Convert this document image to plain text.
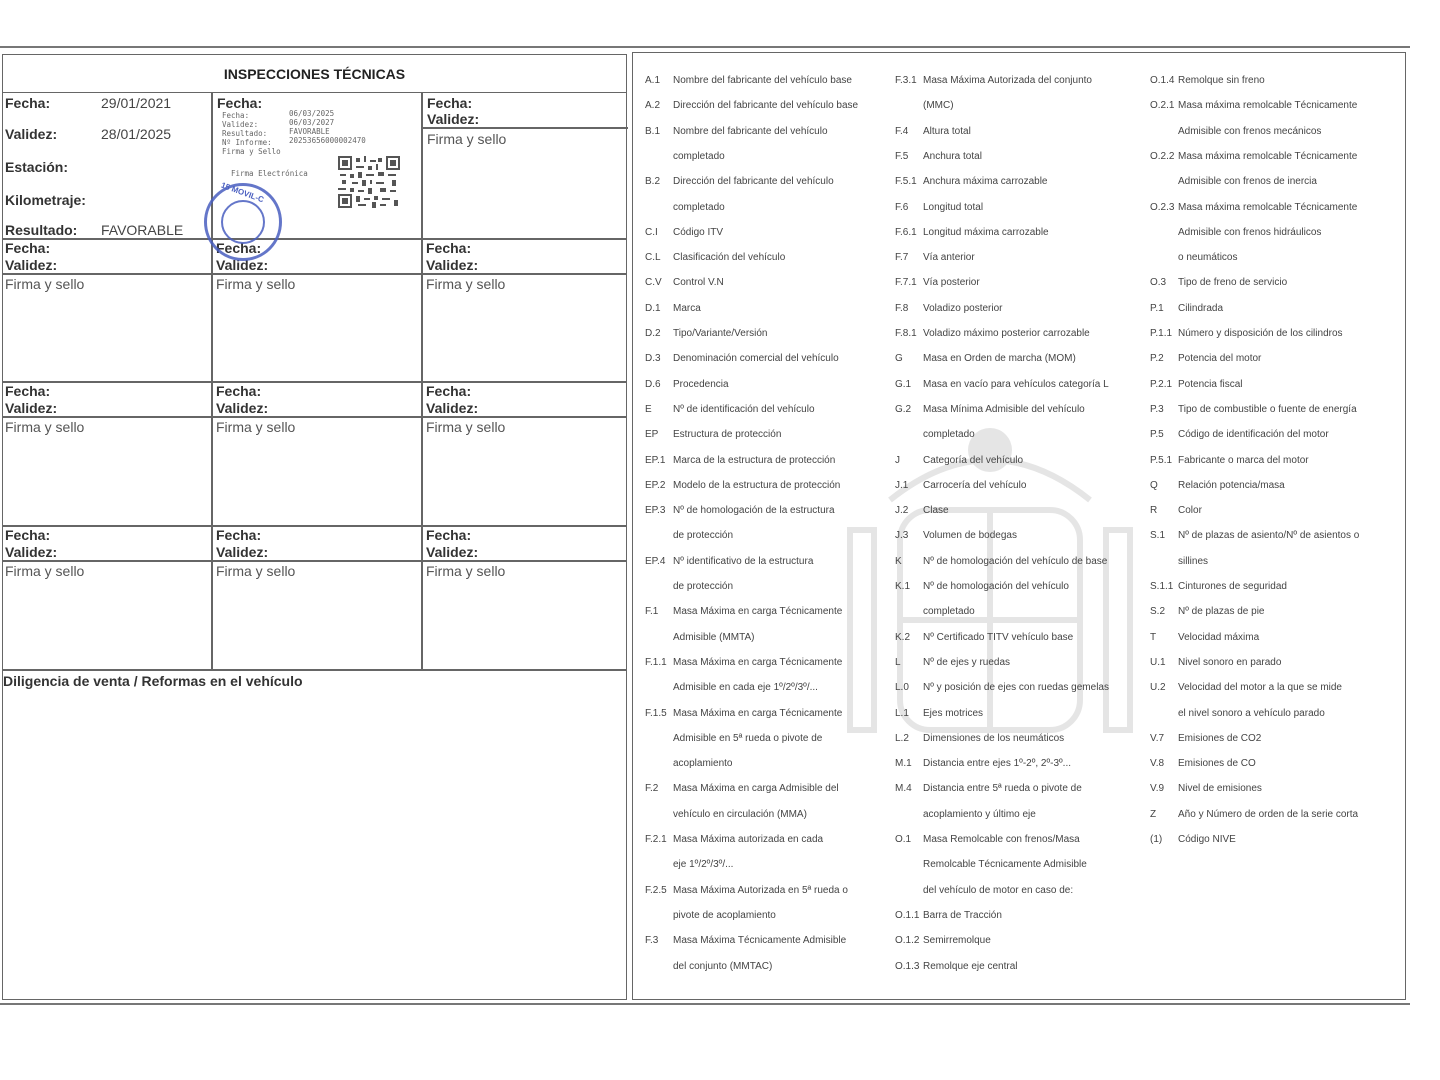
INSPECCIONES TÉCNICAS
Fecha:	29/01/2021
Validez:	28/01/2025
Estación:
Kilometraje:
Resultado: FAVORABLE
Fecha:
Fecha:
Validez:
Resultado:
Nº Informe:
Firma y Sello
06/03/2025
06/03/2027
FAVORABLE
20253656000002470
Firma Electrónica
Fecha:
Validez:
Firma y sello
Fecha:
Validez:
Firma y sello
Fecha:
Validez:
Firma y sello
Fecha:
Validez:
Firma y sello
Fecha:
Validez:
Firma y sello
Fecha:
Validez:
Firma y sello
Fecha:
Validez:
Firma y sello
Fecha:
Validez:
Firma y sello
Fecha:
Validez:
Firma y sello
Fecha:
Validez:
Firma y sello
Diligencia de venta / Reformas en el vehículo
15 MOVIL-C
A.1 Nombre del fabricante del vehículo base
A.2 Dirección del fabricante del vehículo base
B.1 Nombre del fabricante del vehículo
completado
B.2 Dirección del fabricante del vehículo
completado
C.I Código ITV
C.L Clasificación del vehículo
C.V Control V.N
D.1 Marca
D.2 Tipo/Variante/Versión
D.3 Denominación comercial del vehículo
D.6 Procedencia
E Nº de identificación del vehículo
EP Estructura de protección
EP.1 Marca de la estructura de protección
EP.2 Modelo de la estructura de protección
EP.3 Nº de homologación de la estructura
de protección
EP.4 Nº identificativo de la estructura
de protección
F.1 Masa Máxima en carga Técnicamente
Admisible (MMTA)
F.1.1 Masa Máxima en carga Técnicamente
Admisible en cada eje 1º/2º/3º/...
F.1.5 Masa Máxima en carga Técnicamente
Admisible en 5ª rueda o pivote de
acoplamiento
F.2 Masa Máxima en carga Admisible del
vehículo en circulación (MMA)
F.2.1 Masa Máxima autorizada en cada
eje 1º/2º/3º/...
F.2.5 Masa Máxima Autorizada en 5ª rueda o
pivote de acoplamiento
F.3 Masa Máxima Técnicamente Admisible
del conjunto (MMTAC)
F.3.1 Masa Máxima Autorizada del conjunto
(MMC)
F.4 Altura total
F.5 Anchura total
F.5.1 Anchura máxima carrozable
F.6 Longitud total
F.6.1 Longitud máxima carrozable
F.7 Vía anterior
F.7.1 Vía posterior
F.8 Voladizo posterior
F.8.1 Voladizo máximo posterior carrozable
G Masa en Orden de marcha (MOM)
G.1 Masa en vacío para vehículos categoría L
G.2 Masa Mínima Admisible del vehículo
completado
J Categoría del vehículo
J.1 Carrocería del vehículo
J.2 Clase
J.3 Volumen de bodegas
K Nº de homologación del vehículo de base
K.1 Nº de homologación del vehículo
completado
K.2 Nº Certificado TITV vehículo base
L Nº de ejes y ruedas
L.0 Nº y posición de ejes con ruedas gemelas
L.1 Ejes motrices
L.2 Dimensiones de los neumáticos
M.1 Distancia entre ejes 1º-2º, 2º-3º...
M.4 Distancia entre 5ª rueda o pivote de
acoplamiento y último eje
O.1 Masa Remolcable con frenos/Masa
Remolcable Técnicamente Admisible
del vehículo de motor en caso de:
O.1.1 Barra de Tracción
O.1.2 Semirremolque
O.1.3 Remolque eje central
O.1.4 Remolque sin freno
O.2.1 Masa máxima remolcable Técnicamente
Admisible con frenos mecánicos
O.2.2 Masa máxima remolcable Técnicamente
Admisible con frenos de inercia
O.2.3 Masa máxima remolcable Técnicamente
Admisible con frenos hidráulicos
o neumáticos
O.3 Tipo de freno de servicio
P.1 Cilindrada
P.1.1 Número y disposición de los cilindros
P.2 Potencia del motor
P.2.1 Potencia fiscal
P.3 Tipo de combustible o fuente de energía
P.5 Código de identificación del motor
P.5.1 Fabricante o marca del motor
Q Relación potencia/masa
R Color
S.1 Nº de plazas de asiento/Nº de asientos o
sillines
S.1.1 Cinturones de seguridad
S.2 Nº de plazas de pie
T Velocidad máxima
U.1 Nivel sonoro en parado
U.2 Velocidad del motor a la que se mide
el nivel sonoro a vehículo parado
V.7 Emisiones de CO2
V.8 Emisiones de CO
V.9 Nivel de emisiones
Z Año y Número de orden de la serie corta
(1) Código NIVE
